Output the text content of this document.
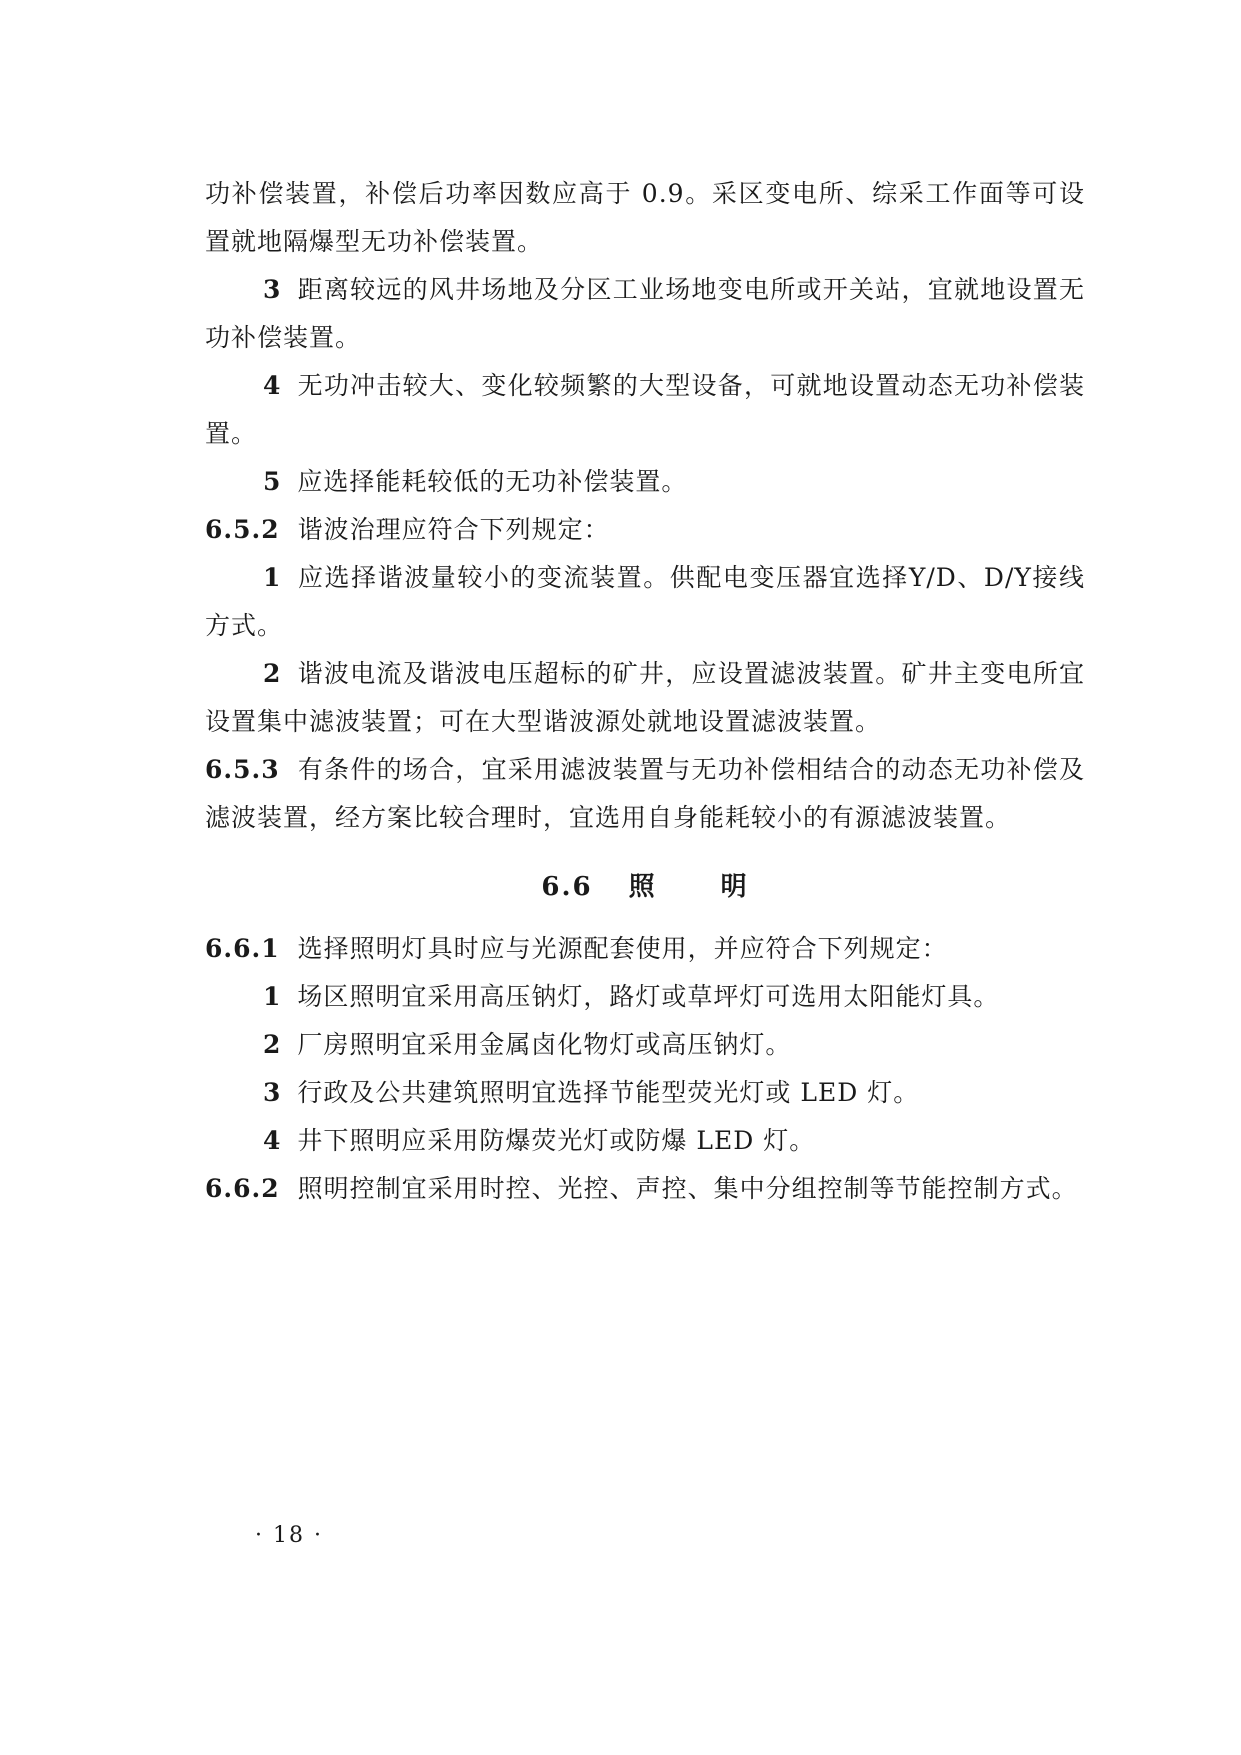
功补偿装置，补偿后功率因数应高于 0.9。采区变电所、综采工作面等可设置就地隔爆型无功补偿装置。

3 距离较远的风井场地及分区工业场地变电所或开关站，宜就地设置无功补偿装置。

4 无功冲击较大、变化较频繁的大型设备，可就地设置动态无功补偿装置。

5 应选择能耗较低的无功补偿装置。

6.5.2 谐波治理应符合下列规定：

1 应选择谐波量较小的变流装置。供配电变压器宜选择Y/D、D/Y接线方式。

2 谐波电流及谐波电压超标的矿井，应设置滤波装置。矿井主变电所宜设置集中滤波装置；可在大型谐波源处就地设置滤波装置。

6.5.3 有条件的场合，宜采用滤波装置与无功补偿相结合的动态无功补偿及滤波装置，经方案比较合理时，宜选用自身能耗较小的有源滤波装置。

6.6 照 明

6.6.1 选择照明灯具时应与光源配套使用，并应符合下列规定：

1 场区照明宜采用高压钠灯，路灯或草坪灯可选用太阳能灯具。

2 厂房照明宜采用金属卤化物灯或高压钠灯。

3 行政及公共建筑照明宜选择节能型荧光灯或 LED 灯。

4 井下照明应采用防爆荧光灯或防爆 LED 灯。

6.6.2 照明控制宜采用时控、光控、声控、集中分组控制等节能控制方式。

· 18 ·
